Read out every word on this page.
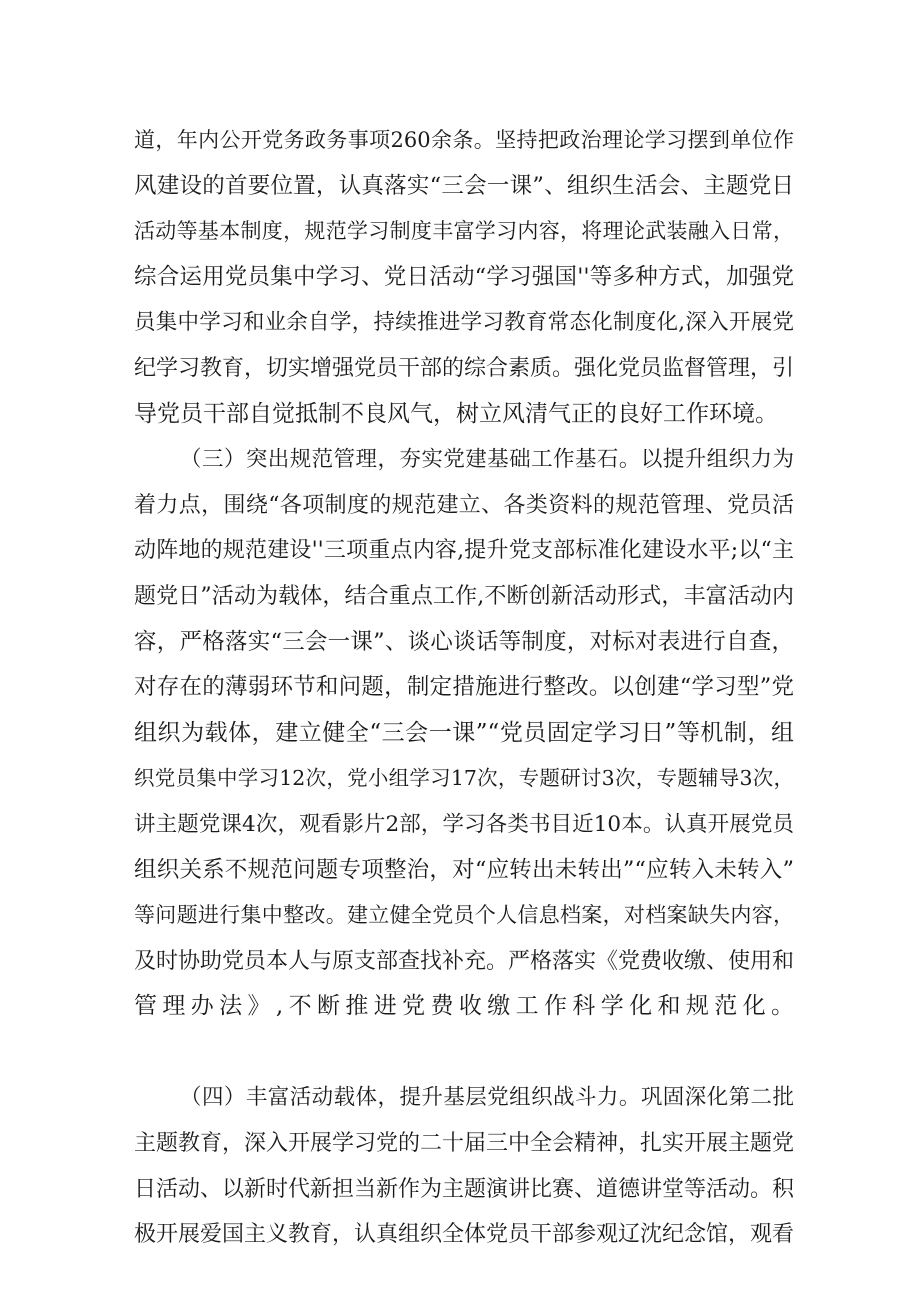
道，年内公开党务政务事项260余条。坚持把政治理论学习摆到单位作
风建设的首要位置，认真落实“三会一课”、组织生活会、主题党日
活动等基本制度，规范学习制度丰富学习内容，将理论武装融入日常，
综合运用党员集中学习、党日活动“学习强国''等多种方式，加强党
员集中学习和业余自学，持续推进学习教育常态化制度化,深入开展党
纪学习教育，切实增强党员干部的综合素质。强化党员监督管理，引
导党员干部自觉抵制不良风气，树立风清气正的良好工作环境。
（三）突出规范管理，夯实党建基础工作基石。以提升组织力为
着力点，围绕“各项制度的规范建立、各类资料的规范管理、党员活
动阵地的规范建设''三项重点内容,提升党支部标准化建设水平;以“主
题党日”活动为载体，结合重点工作,不断创新活动形式，丰富活动内
容，严格落实“三会一课”、谈心谈话等制度，对标对表进行自查，
对存在的薄弱环节和问题，制定措施进行整改。以创建“学习型”党
组织为载体，建立健全“三会一课”“党员固定学习日”等机制，组
织党员集中学习12次，党小组学习17次，专题研讨3次，专题辅导3次，
讲主题党课4次，观看影片2部，学习各类书目近10本。认真开展党员
组织关系不规范问题专项整治，对“应转出未转出”“应转入未转入”
等问题进行集中整改。建立健全党员个人信息档案，对档案缺失内容，
及时协助党员本人与原支部查找补充。严格落实《党费收缴、使用和
管理办法》,不断推进党费收缴工作科学化和规范化。
（四）丰富活动载体，提升基层党组织战斗力。巩固深化第二批
主题教育，深入开展学习党的二十届三中全会精神，扎实开展主题党
日活动、以新时代新担当新作为主题演讲比赛、道德讲堂等活动。积
极开展爱国主义教育，认真组织全体党员干部参观辽沈纪念馆，观看
